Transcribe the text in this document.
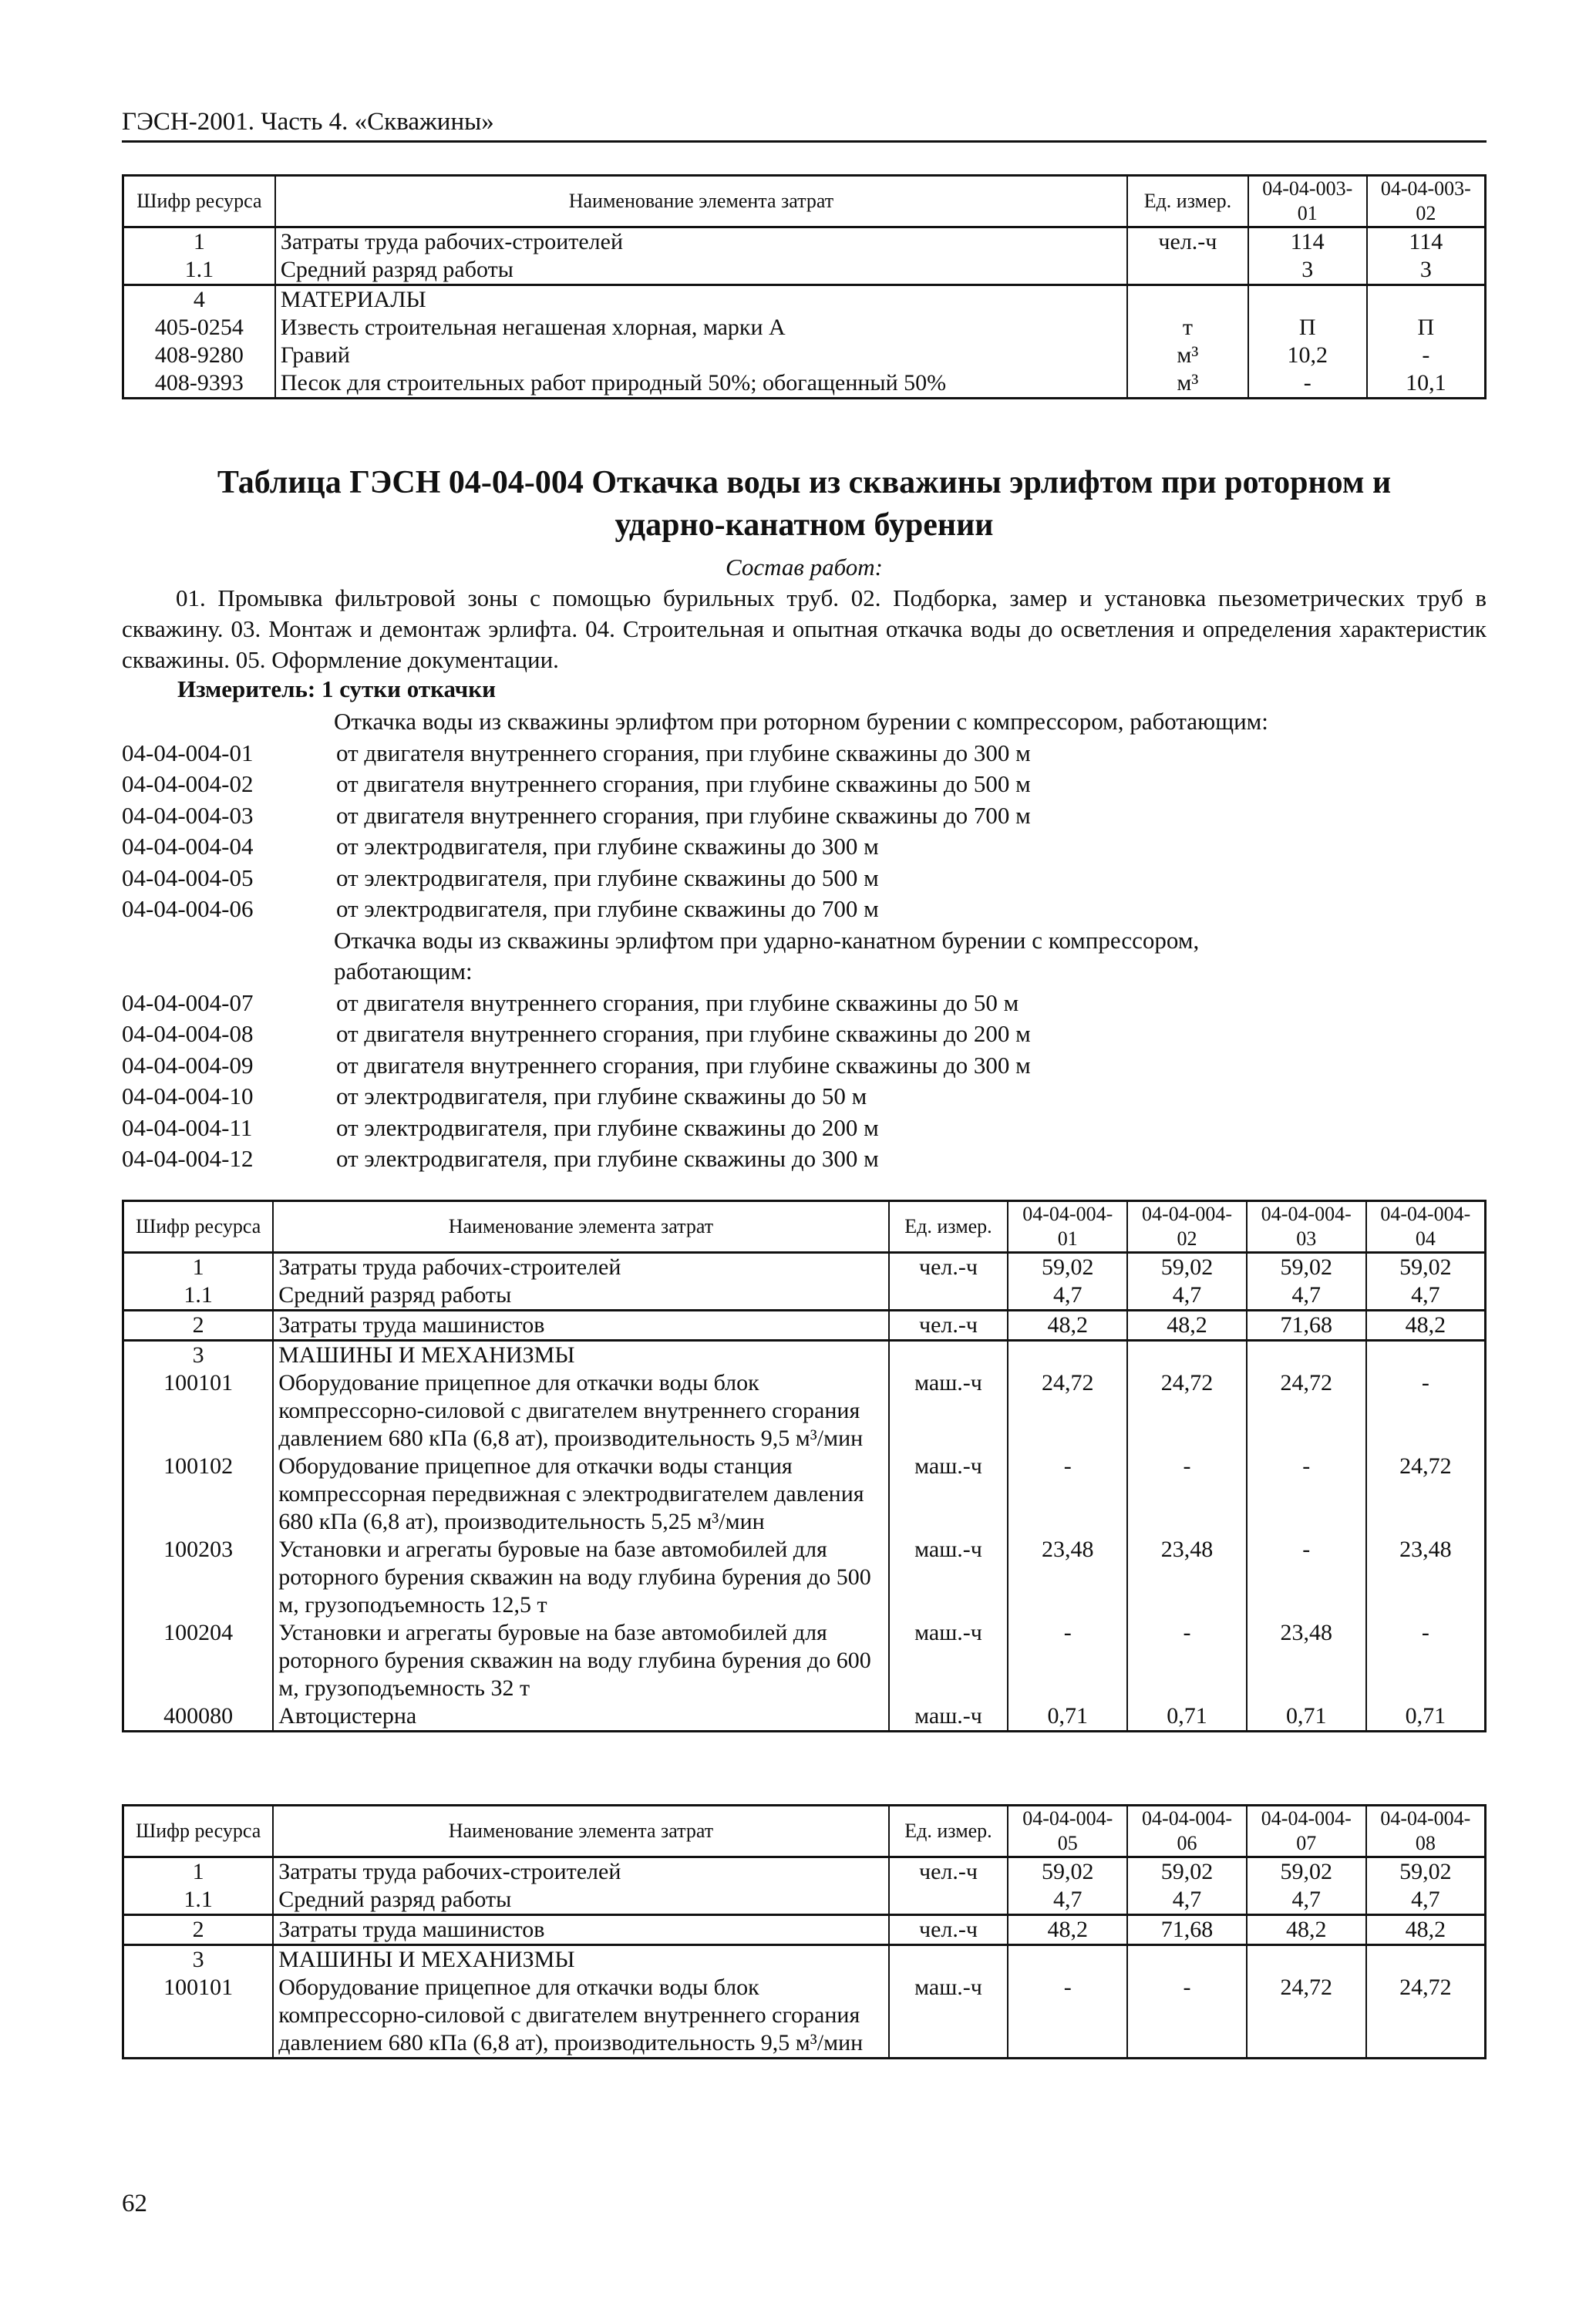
ГЭСН-2001. Часть 4. «Скважины»
Шифр ресурса	Наименование элемента затрат	Ед. измер.	04-04-003-01	04-04-003-02
1	Затраты труда рабочих-строителей	чел.-ч	114	114
1.1	Средний разряд работы		3	3
4	МАТЕРИАЛЫ			
405-0254	Известь строительная негашеная хлорная, марки А	т	П	П
408-9280	Гравий	м³	10,2	-
408-9393	Песок для строительных работ природный 50%; обогащенный 50%	м³	-	10,1
Таблица ГЭСН 04-04-004 Откачка воды из скважины эрлифтом при роторном и
ударно-канатном бурении
Состав работ:
01. Промывка фильтровой зоны с помощью бурильных труб. 02. Подборка, замер и установка пьезометрических труб в скважину. 03. Монтаж и демонтаж эрлифта. 04. Строительная и опытная откачка воды до осветления и определения характеристик скважины. 05. Оформление документации.
Измеритель: 1 сутки откачки
Откачка воды из скважины эрлифтом при роторном бурении с компрессором, работающим:
04-04-004-01	от двигателя внутреннего сгорания, при глубине скважины до 300 м
04-04-004-02	от двигателя внутреннего сгорания, при глубине скважины до 500 м
04-04-004-03	от двигателя внутреннего сгорания, при глубине скважины до 700 м
04-04-004-04	от электродвигателя, при глубине скважины до 300 м
04-04-004-05	от электродвигателя, при глубине скважины до 500 м
04-04-004-06	от электродвигателя, при глубине скважины до 700 м
Откачка воды из скважины эрлифтом при ударно-канатном бурении с компрессором,
работающим:
04-04-004-07	от двигателя внутреннего сгорания, при глубине скважины до 50 м
04-04-004-08	от двигателя внутреннего сгорания, при глубине скважины до 200 м
04-04-004-09	от двигателя внутреннего сгорания, при глубине скважины до 300 м
04-04-004-10	от электродвигателя, при глубине скважины до 50 м
04-04-004-11	от электродвигателя, при глубине скважины до 200 м
04-04-004-12	от электродвигателя, при глубине скважины до 300 м
Шифр ресурса	Наименование элемента затрат	Ед. измер.	04-04-004-01	04-04-004-02	04-04-004-03	04-04-004-04
1	Затраты труда рабочих-строителей	чел.-ч	59,02	59,02	59,02	59,02
1.1	Средний разряд работы		4,7	4,7	4,7	4,7
2	Затраты труда машинистов	чел.-ч	48,2	48,2	71,68	48,2
3	МАШИНЫ И МЕХАНИЗМЫ					
100101	Оборудование прицепное для откачки воды блок компрессорно-силовой с двигателем внутреннего сгорания давлением 680 кПа (6,8 ат), производительность 9,5 м³/мин	маш.-ч	24,72	24,72	24,72	-
100102	Оборудование прицепное для откачки воды станция компрессорная передвижная с электродвигателем давления 680 кПа (6,8 ат), производительность 5,25 м³/мин	маш.-ч	-	-	-	24,72
100203	Установки и агрегаты буровые на базе автомобилей для роторного бурения скважин на воду глубина бурения до 500 м, грузоподъемность 12,5 т	маш.-ч	23,48	23,48	-	23,48
100204	Установки и агрегаты буровые на базе автомобилей для роторного бурения скважин на воду глубина бурения до 600 м, грузоподъемность 32 т	маш.-ч	-	-	23,48	-
400080	Автоцистерна	маш.-ч	0,71	0,71	0,71	0,71
Шифр ресурса	Наименование элемента затрат	Ед. измер.	04-04-004-05	04-04-004-06	04-04-004-07	04-04-004-08
1	Затраты труда рабочих-строителей	чел.-ч	59,02	59,02	59,02	59,02
1.1	Средний разряд работы		4,7	4,7	4,7	4,7
2	Затраты труда машинистов	чел.-ч	48,2	71,68	48,2	48,2
3	МАШИНЫ И МЕХАНИЗМЫ					
100101	Оборудование прицепное для откачки воды блок компрессорно-силовой с двигателем внутреннего сгорания давлением 680 кПа (6,8 ат), производительность 9,5 м³/мин	маш.-ч	-	-	24,72	24,72
62
